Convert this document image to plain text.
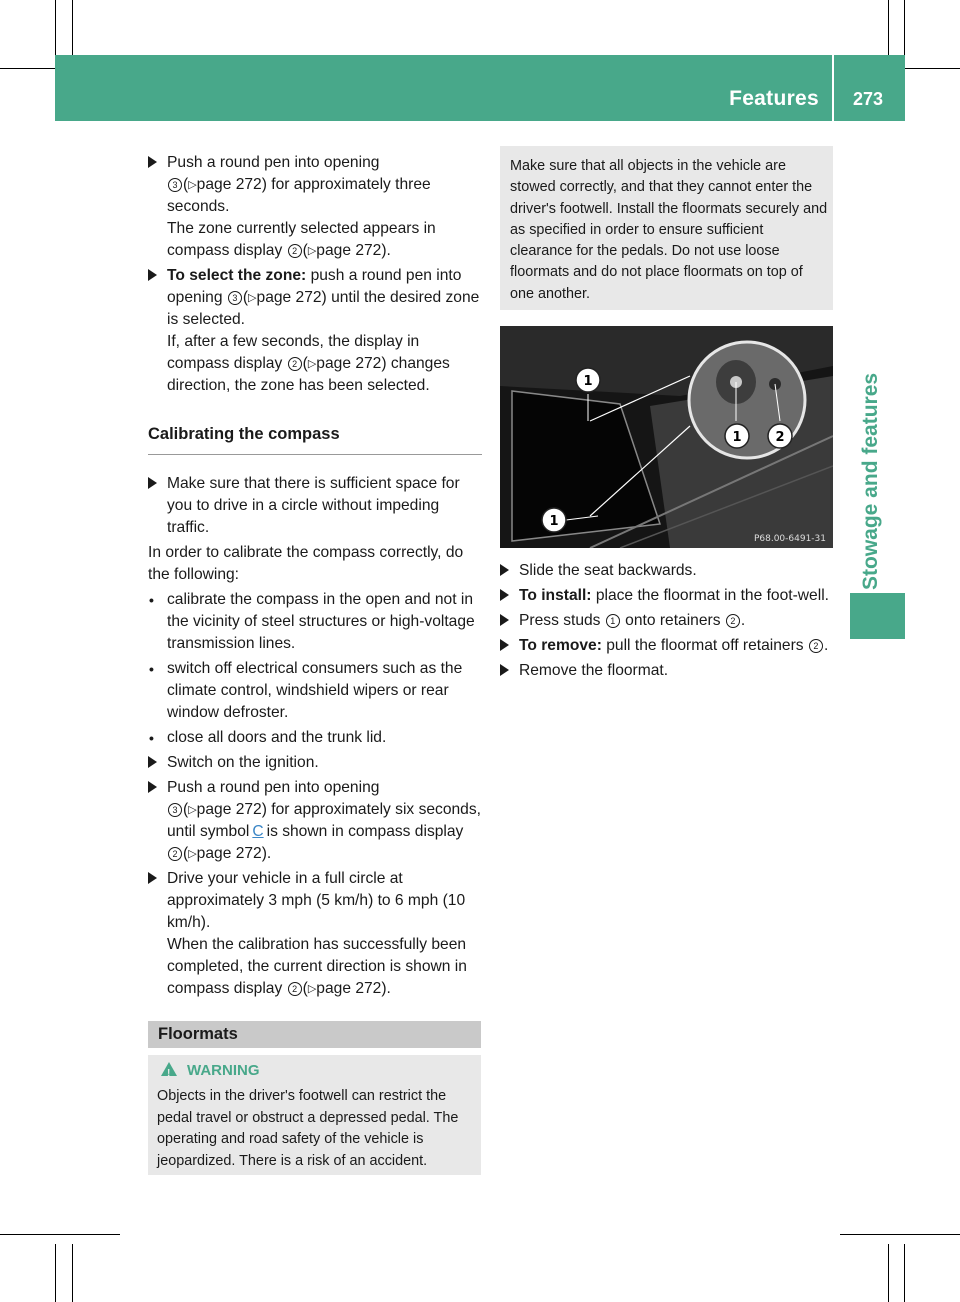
Features 273
Stowage and features
Push a round pen into opening
3 (▷page 272) for approximately three seconds.
The zone currently selected appears in compass display 2 (▷page 272).
To select the zone: push a round pen into opening 3 (▷page 272) until the desired zone is selected.
If, after a few seconds, the display in compass display 2 (▷page 272) changes direction, the zone has been selected.
Calibrating the compass
Make sure that there is sufficient space for you to drive in a circle without impeding traffic.
In order to calibrate the compass correctly, do the following:
• calibrate the compass in the open and not in the vicinity of steel structures or high-voltage transmission lines.
• switch off electrical consumers such as the climate control, windshield wipers or rear window defroster.
• close all doors and the trunk lid.
Switch on the ignition.
Push a round pen into opening
3 (▷page 272) for approximately six seconds, until symbol C is shown in compass display 2 (▷page 272).
Drive your vehicle in a full circle at approximately 3 mph (5 km/h) to 6 mph (10 km/h).
When the calibration has successfully been completed, the current direction is shown in compass display 2 (▷page 272).
Floormats
!WARNING
Objects in the driver's footwell can restrict the pedal travel or obstruct a depressed pedal. The operating and road safety of the vehicle is jeopardized. There is a risk of an accident.
Make sure that all objects in the vehicle are stowed correctly, and that they cannot enter the driver's footwell. Install the floormats securely and as specified in order to ensure sufficient clearance for the pedals. Do not use loose floormats and do not place floormats on top of one another.
1
1	2
1
P68.00-6491-31
Slide the seat backwards.
To install: place the floormat in the foot-well.
Press studs 1 onto retainers 2 .
To remove: pull the floormat off retainers 2 .
Remove the floormat.
